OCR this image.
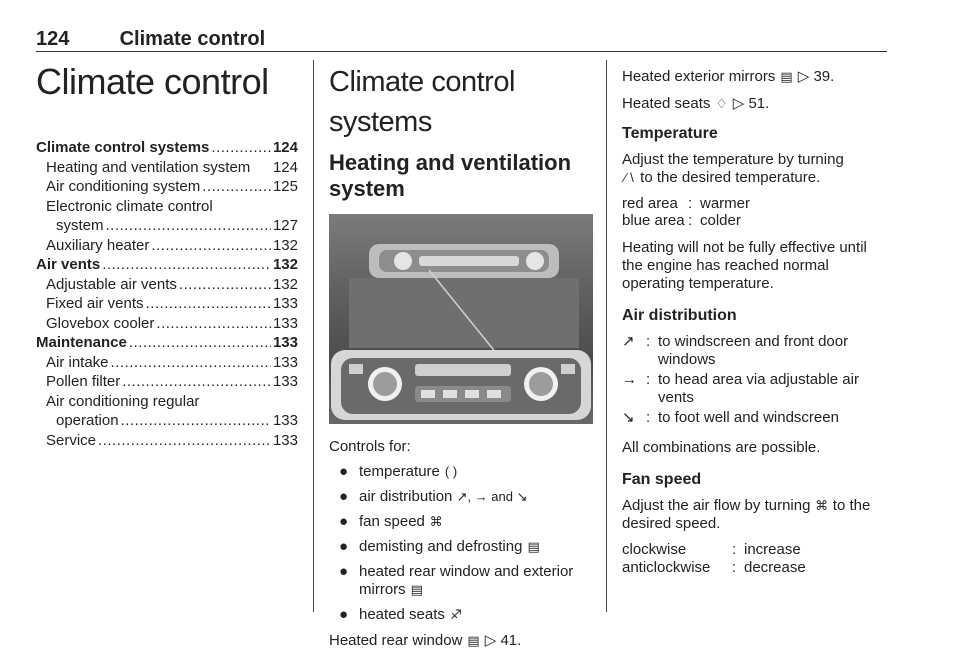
124	Climate control
Climate control
Climate control systems .....	124
Heating and ventilation system 124
Air conditioning system .....	125
Electronic climate control
system .....	127
Auxiliary heater .....	132
Air vents .....	132
Adjustable air vents .....	132
Fixed air vents .....	133
Glovebox cooler .....	133
Maintenance .....	133
Air intake .....	133
Pollen filter .....	133
Air conditioning regular
operation .....	133
Service .....	133
Climate control systems
Heating and ventilation system
Controls for:
● temperature ( )
● air distribution ↗, → and ↘
● fan speed ⌘
● demisting and defrosting ▤
● heated rear window and exterior mirrors ▤
● heated seats ♐
Heated rear window ▤ ▷ 41.
Heated exterior mirrors ▤ ▷ 39.
Heated seats ♢ ▷ 51.
Temperature
Adjust the temperature by turning
⁄ \ to the desired temperature.
red area : warmer
blue area : colder
Heating will not be fully effective until the engine has reached normal operating temperature.
Air distribution
↗ : to windscreen and front door windows
→ : to head area via adjustable air vents
↘ : to foot well and windscreen
All combinations are possible.
Fan speed
Adjust the air flow by turning ⌘ to the desired speed.
clockwise	: increase
anticlockwise	: decrease
